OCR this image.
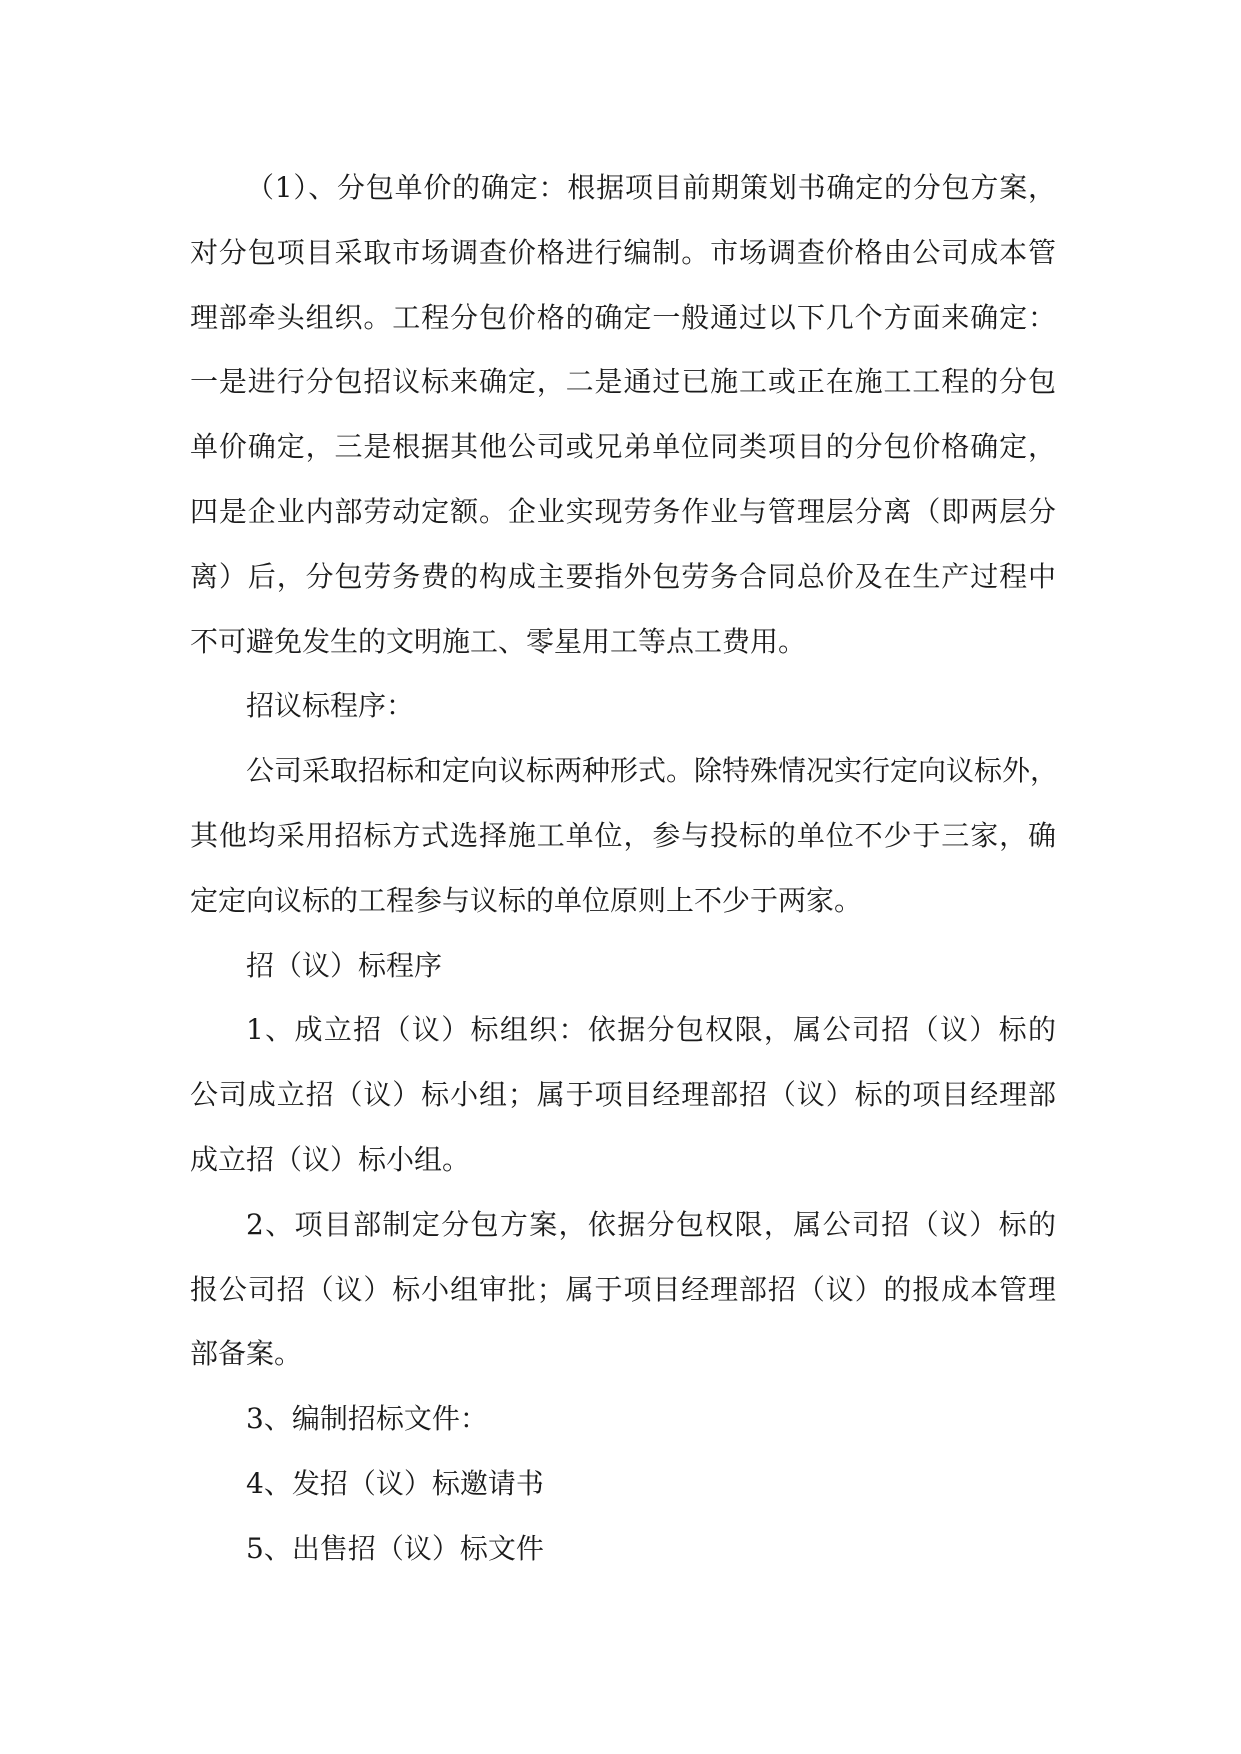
（1）、分包单价的确定：根据项目前期策划书确定的分包方案，
对分包项目采取市场调查价格进行编制。市场调查价格由公司成本管
理部牵头组织。工程分包价格的确定一般通过以下几个方面来确定：
一是进行分包招议标来确定，二是通过已施工或正在施工工程的分包
单价确定，三是根据其他公司或兄弟单位同类项目的分包价格确定，
四是企业内部劳动定额。企业实现劳务作业与管理层分离（即两层分
离）后，分包劳务费的构成主要指外包劳务合同总价及在生产过程中
不可避免发生的文明施工、零星用工等点工费用。
招议标程序：
公司采取招标和定向议标两种形式。除特殊情况实行定向议标外，
其他均采用招标方式选择施工单位，参与投标的单位不少于三家，确
定定向议标的工程参与议标的单位原则上不少于两家。
招（议）标程序
1、成立招（议）标组织：依据分包权限，属公司招（议）标的
公司成立招（议）标小组；属于项目经理部招（议）标的项目经理部
成立招（议）标小组。
2、项目部制定分包方案，依据分包权限，属公司招（议）标的
报公司招（议）标小组审批；属于项目经理部招（议）的报成本管理
部备案。
3、编制招标文件：
4、发招（议）标邀请书
5、出售招（议）标文件
